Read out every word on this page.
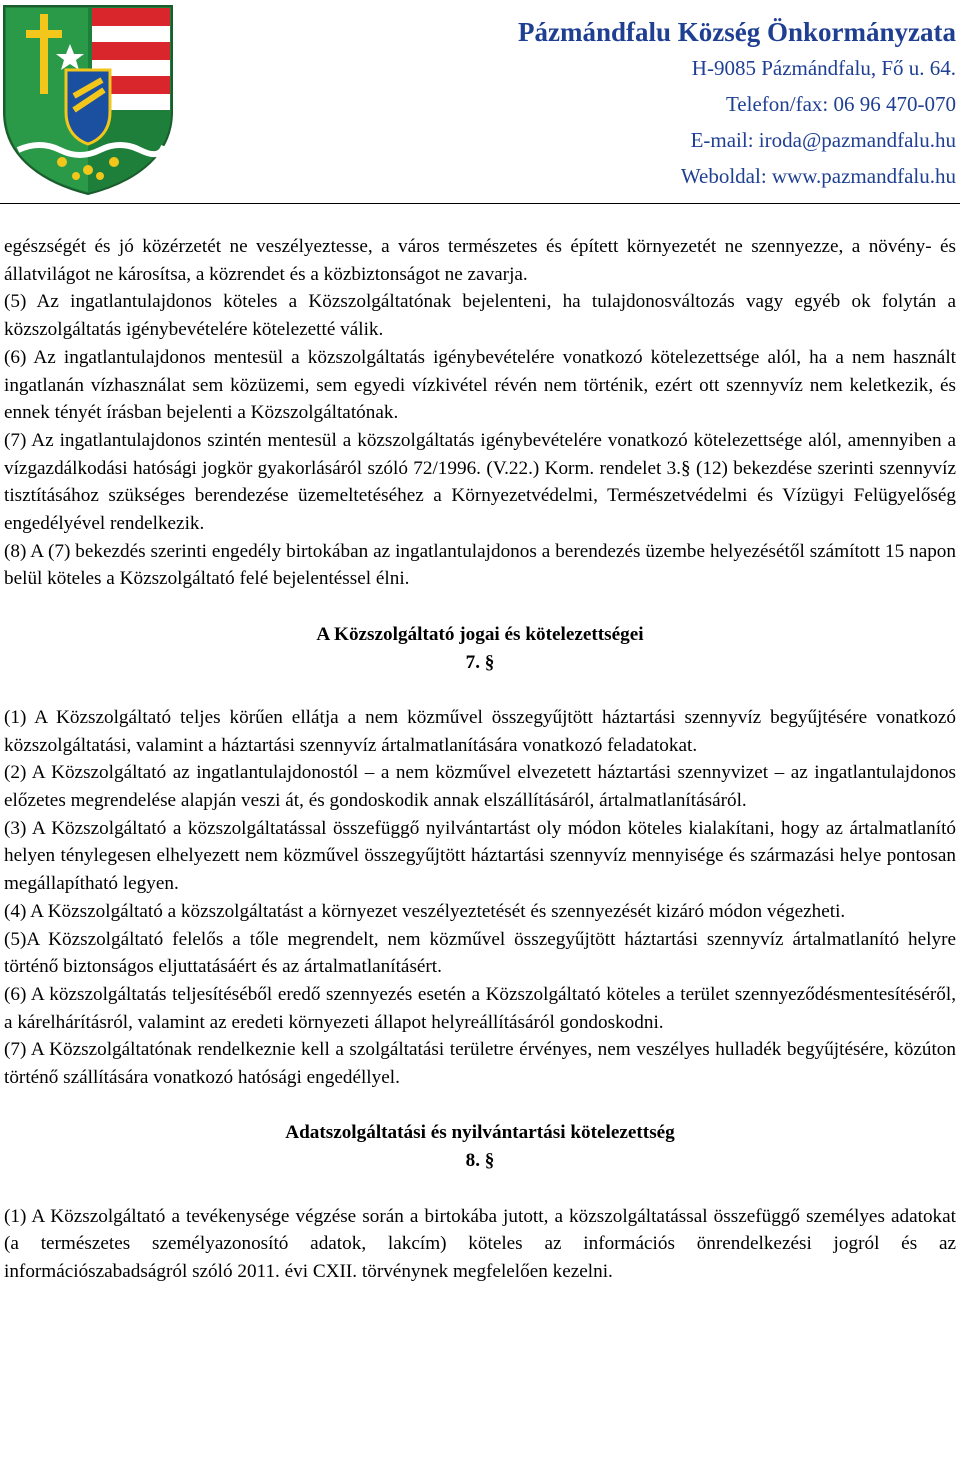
Pázmándfalu Község Önkormányzata
H-9085 Pázmándfalu, Fő u. 64.
Telefon/fax: 06 96 470-070
E-mail: iroda@pazmandfalu.hu
Weboldal: www.pazmandfalu.hu

egészségét és jó közérzetét ne veszélyeztesse, a város természetes és épített környezetét ne szennyezze, a növény- és állatvilágot ne károsítsa, a közrendet és a közbiztonságot ne zavarja.

(5) Az ingatlantulajdonos köteles a Közszolgáltatónak bejelenteni, ha tulajdonosváltozás vagy egyéb ok folytán a közszolgáltatás igénybevételére kötelezetté válik.

(6) Az ingatlantulajdonos mentesül a közszolgáltatás igénybevételére vonatkozó kötelezettsége alól, ha a nem használt ingatlanán vízhasználat sem közüzemi, sem egyedi vízkivétel révén nem történik, ezért ott szennyvíz nem keletkezik, és ennek tényét írásban bejelenti a Közszolgáltatónak.

(7) Az ingatlantulajdonos szintén mentesül a közszolgáltatás igénybevételére vonatkozó kötelezettsége alól, amennyiben a vízgazdálkodási hatósági jogkör gyakorlásáról szóló 72/1996. (V.22.) Korm. rendelet 3.§ (12) bekezdése szerinti szennyvíz tisztításához szükséges berendezése üzemeltetéséhez a Környezetvédelmi, Természetvédelmi és Vízügyi Felügyelőség engedélyével rendelkezik.

(8) A (7) bekezdés szerinti engedély birtokában az ingatlantulajdonos a berendezés üzembe helyezésétől számított 15 napon belül köteles a Közszolgáltató felé bejelentéssel élni.

A Közszolgáltató jogai és kötelezettségei
7. §

(1) A Közszolgáltató teljes körűen ellátja a nem közművel összegyűjtött háztartási szennyvíz begyűjtésére vonatkozó közszolgáltatási, valamint a háztartási szennyvíz ártalmatlanítására vonatkozó feladatokat.

(2) A Közszolgáltató az ingatlantulajdonostól – a nem közművel elvezetett háztartási szennyvizet – az ingatlantulajdonos előzetes megrendelése alapján veszi át, és gondoskodik annak elszállításáról, ártalmatlanításáról.

(3) A Közszolgáltató a közszolgáltatással összefüggő nyilvántartást oly módon köteles kialakítani, hogy az ártalmatlanító helyen ténylegesen elhelyezett nem közművel összegyűjtött háztartási szennyvíz mennyisége és származási helye pontosan megállapítható legyen.

(4) A Közszolgáltató a közszolgáltatást a környezet veszélyeztetését és szennyezését kizáró módon végezheti.

(5)A Közszolgáltató felelős a tőle megrendelt, nem közművel összegyűjtött háztartási szennyvíz ártalmatlanító helyre történő biztonságos eljuttatásáért és az ártalmatlanításért.

(6) A közszolgáltatás teljesítéséből eredő szennyezés esetén a Közszolgáltató köteles a terület szennyeződésmentesítéséről, a kárelhárításról, valamint az eredeti környezeti állapot helyreállításáról gondoskodni.

(7) A Közszolgáltatónak rendelkeznie kell a szolgáltatási területre érvényes, nem veszélyes hulladék begyűjtésére, közúton történő szállítására vonatkozó hatósági engedéllyel.

Adatszolgáltatási és nyilvántartási kötelezettség
8. §

(1) A Közszolgáltató a tevékenysége végzése során a birtokába jutott, a közszolgáltatással összefüggő személyes adatokat (a természetes személyazonosító adatok, lakcím) köteles az információs önrendelkezési jogról és az információszabadságról szóló 2011. évi CXII. törvénynek megfelelően kezelni.
